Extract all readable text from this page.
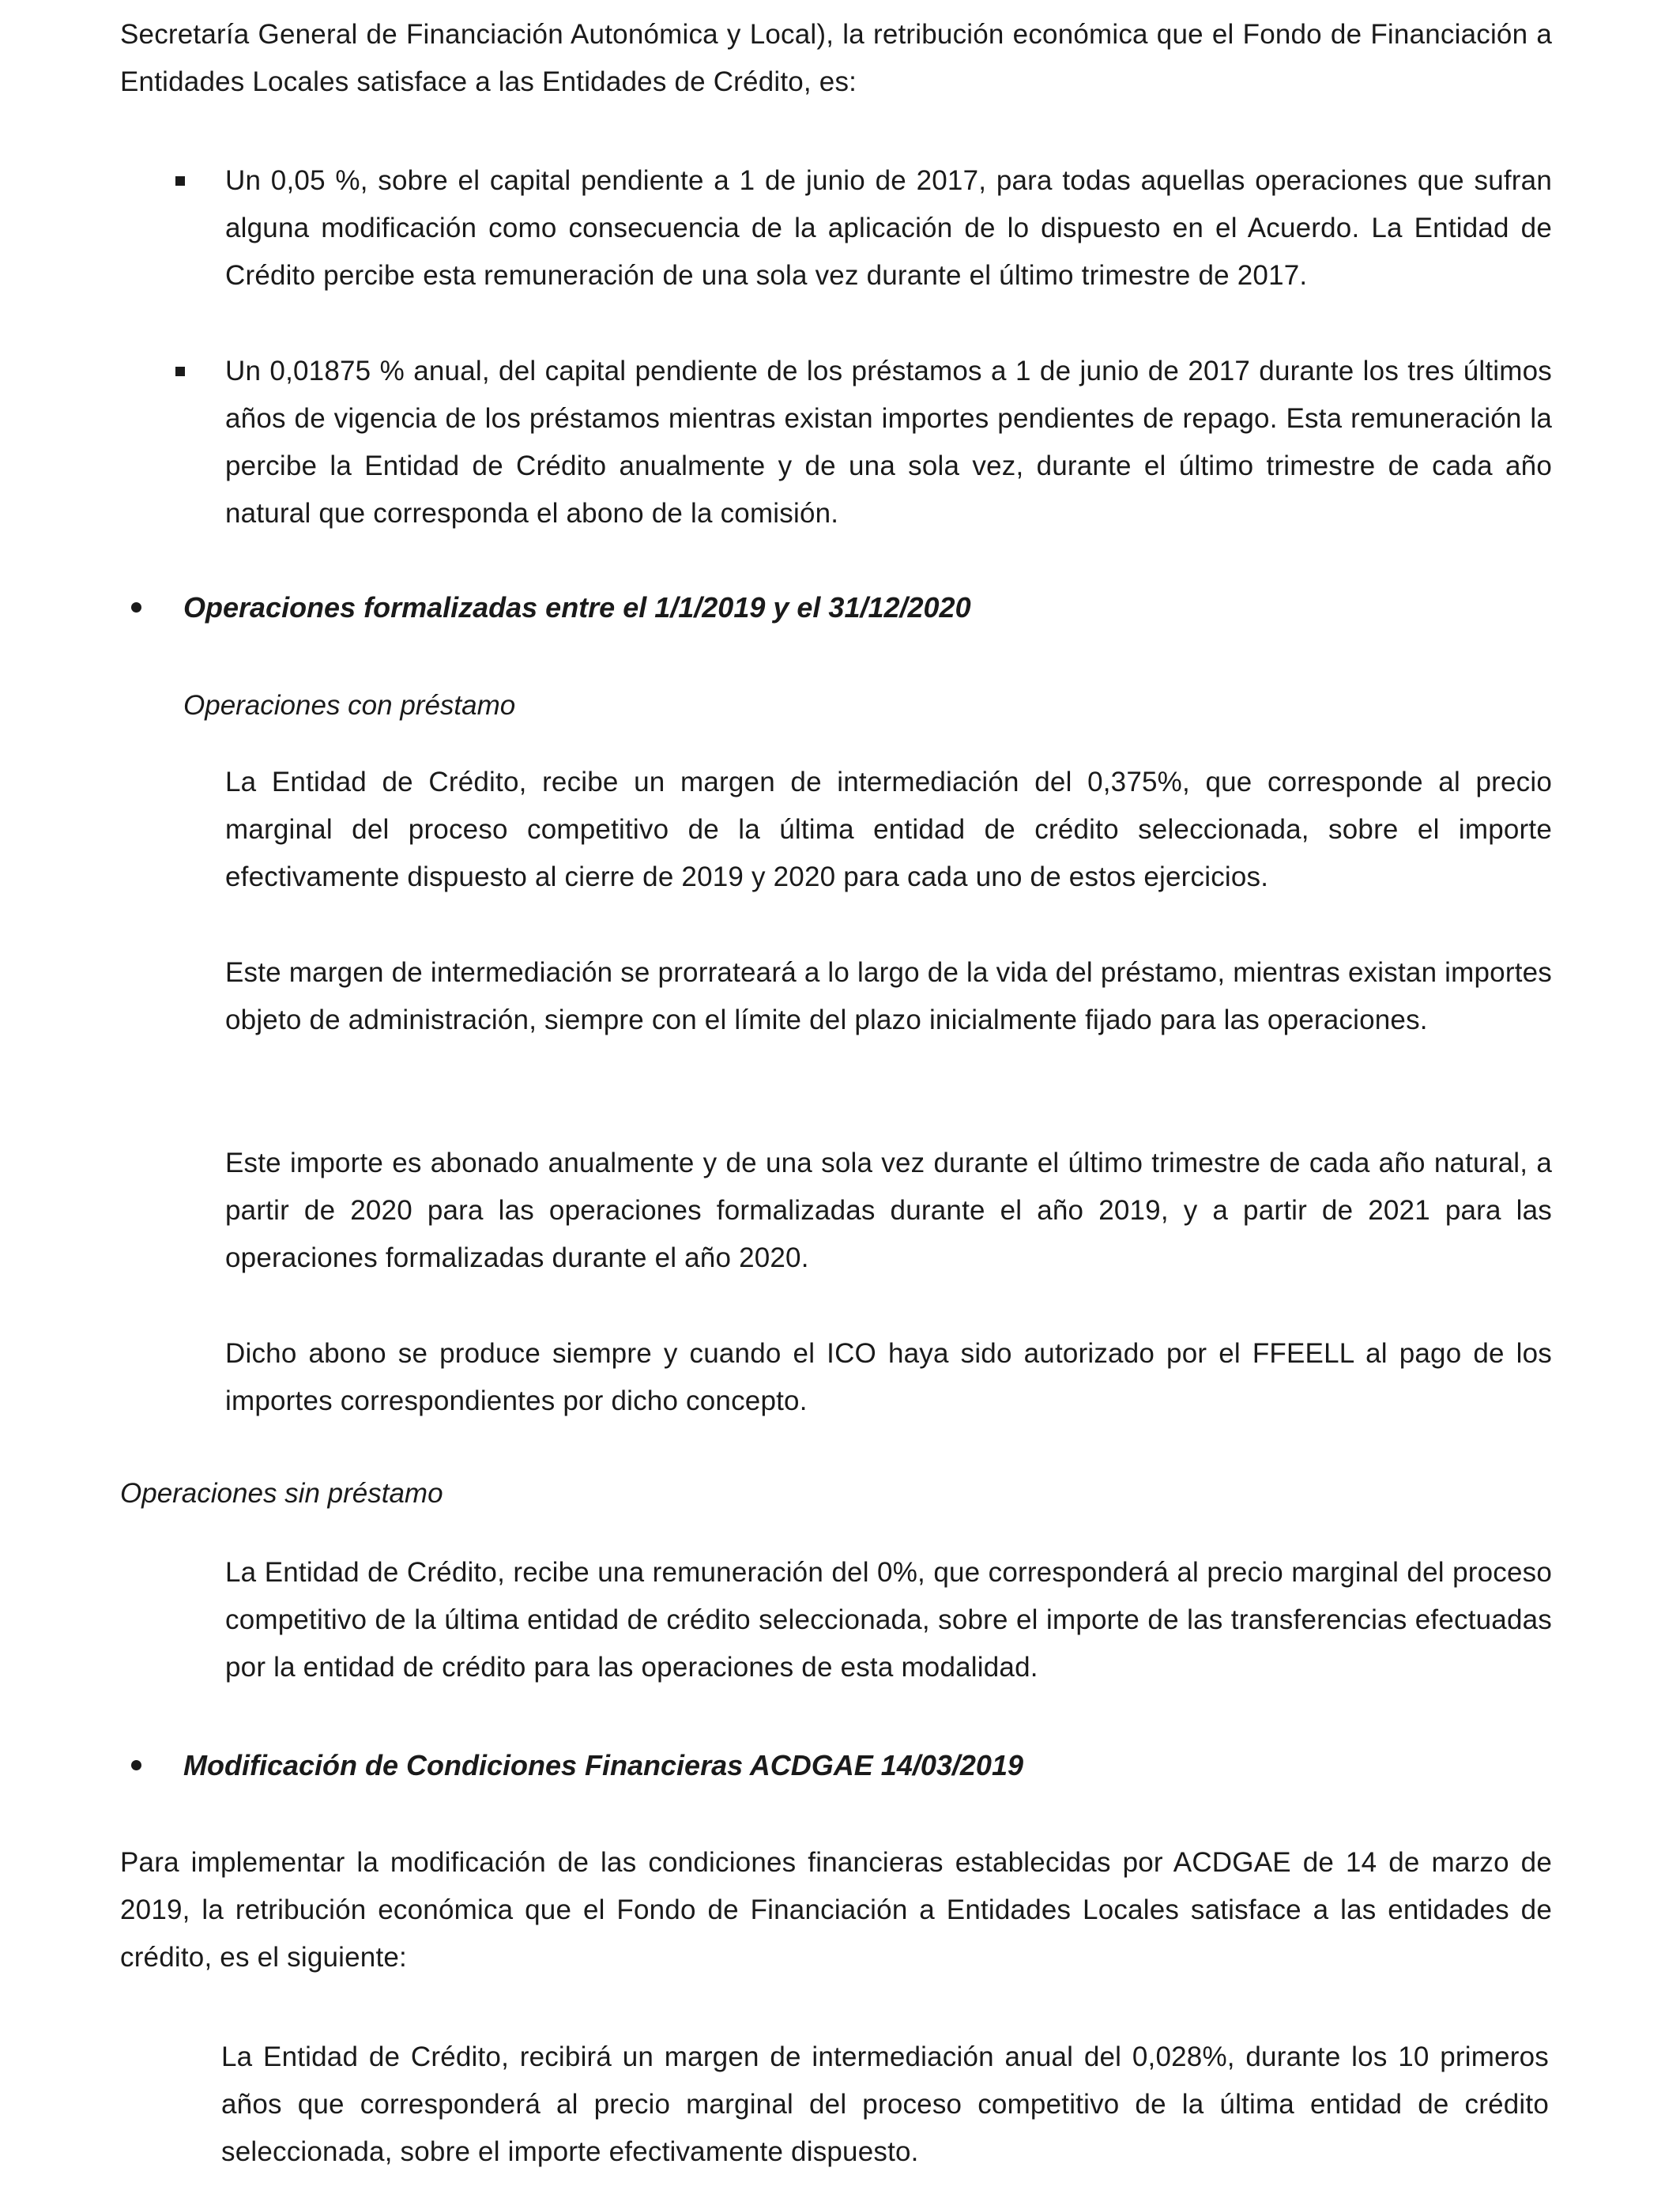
Secretaría General de Financiación Autonómica y Local), la retribución económica que el Fondo de Financiación a Entidades Locales satisface a las Entidades de Crédito, es:

Un 0,05 %, sobre el capital pendiente a 1 de junio de 2017, para todas aquellas operaciones que sufran alguna modificación como consecuencia de la aplicación de lo dispuesto en el Acuerdo. La Entidad de Crédito percibe esta remuneración de una sola vez durante el último trimestre de 2017.

Un 0,01875 % anual, del capital pendiente de los préstamos a 1 de junio de 2017 durante los tres últimos años de vigencia de los préstamos mientras existan importes pendientes de repago. Esta remuneración la percibe la Entidad de Crédito anualmente y de una sola vez, durante el último trimestre de cada año natural que corresponda el abono de la comisión.

Operaciones formalizadas entre el 1/1/2019 y el 31/12/2020

Operaciones con préstamo

La Entidad de Crédito, recibe un margen de intermediación del 0,375%, que corresponde al precio marginal del proceso competitivo de la última entidad de crédito seleccionada, sobre el importe efectivamente dispuesto al cierre de 2019 y 2020 para cada uno de estos ejercicios.

Este margen de intermediación se prorrateará a lo largo de la vida del préstamo, mientras existan importes objeto de administración, siempre con el límite del plazo inicialmente fijado para las operaciones.

Este importe es abonado anualmente y de una sola vez durante el último trimestre de cada año natural, a partir de 2020 para las operaciones formalizadas durante el año 2019, y a partir de 2021 para las operaciones formalizadas durante el año 2020.

Dicho abono se produce siempre y cuando el ICO haya sido autorizado por el FFEELL al pago de los importes correspondientes por dicho concepto.

Operaciones sin préstamo

La Entidad de Crédito, recibe una remuneración del 0%, que corresponderá al precio marginal del proceso competitivo de la última entidad de crédito seleccionada, sobre el importe de las transferencias efectuadas por la entidad de crédito para las operaciones de esta modalidad.

Modificación de Condiciones Financieras ACDGAE 14/03/2019

Para implementar la modificación de las condiciones financieras establecidas por ACDGAE de 14 de marzo de 2019, la retribución económica que el Fondo de Financiación a Entidades Locales satisface a las entidades de crédito, es el siguiente:

La Entidad de Crédito, recibirá un margen de intermediación anual del 0,028%, durante los 10 primeros años que corresponderá al precio marginal del proceso competitivo de la última entidad de crédito seleccionada, sobre el importe efectivamente dispuesto.
